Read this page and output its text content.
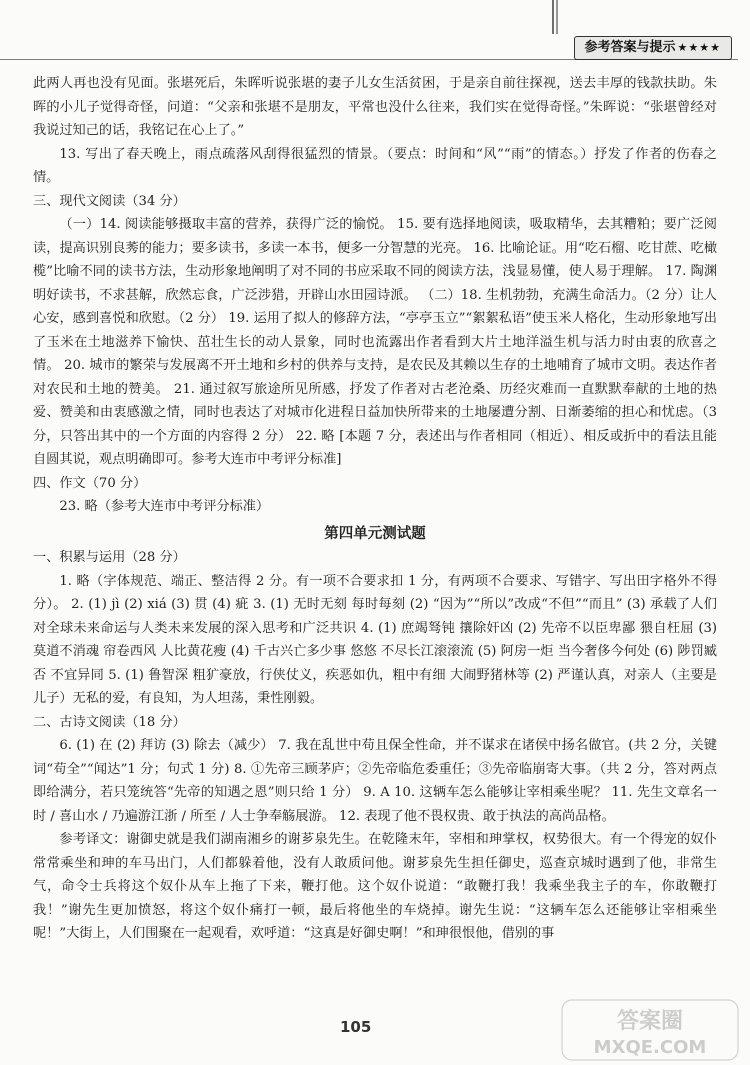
参考答案与提示 ★★★★

此两人再也没有见面。张堪死后，朱晖听说张堪的妻子儿女生活贫困，于是亲自前往探视，送去丰厚的钱款扶助。朱晖的小儿子觉得奇怪，问道：“父亲和张堪不是朋友，平常也没什么往来，我们实在觉得奇怪。”朱晖说：“张堪曾经对我说过知己的话，我铭记在心上了。”

13. 写出了春天晚上，雨点疏落风刮得很猛烈的情景。（要点：时间和“风”“雨”的情态。）抒发了作者的伤春之情。

三、现代文阅读（34 分）

（一）14. 阅读能够摄取丰富的营养，获得广泛的愉悦。 15. 要有选择地阅读，吸取精华，去其糟粕；要广泛阅读，提高识别良莠的能力；要多读书，多读一本书，便多一分智慧的光亮。 16. 比喻论证。用“吃石榴、吃甘蔗、吃橄榄”比喻不同的读书方法，生动形象地阐明了对不同的书应采取不同的阅读方法，浅显易懂，使人易于理解。 17. 陶渊明好读书，不求甚解，欣然忘食，广泛涉猎，开辟山水田园诗派。 （二）18. 生机勃勃，充满生命活力。（2 分）让人心安，感到喜悦和欣慰。（2 分） 19. 运用了拟人的修辞方法，“亭亭玉立”“絮絮私语”使玉米人格化，生动形象地写出了玉米在土地滋养下愉快、茁壮生长的动人景象，同时也流露出作者看到大片土地洋溢生机与活力时由衷的欣喜之情。 20. 城市的繁荣与发展离不开土地和乡村的供养与支持，是农民及其赖以生存的土地哺育了城市文明。表达作者对农民和土地的赞美。 21. 通过叙写旅途所见所感，抒发了作者对古老沧桑、历经灾难而一直默默奉献的土地的热爱、赞美和由衷感激之情，同时也表达了对城市化进程日益加快所带来的土地屡遭分割、日渐萎缩的担心和忧虑。（3 分，只答出其中的一个方面的内容得 2 分） 22. 略 [本题 7 分，表述出与作者相同（相近）、相反或折中的看法且能自圆其说，观点明确即可。参考大连市中考评分标准]

四、作文（70 分）

23. 略（参考大连市中考评分标准）

第四单元测试题

一、积累与运用（28 分）

1. 略（字体规范、端正、整洁得 2 分。有一项不合要求扣 1 分，有两项不合要求、写错字、写出田字格外不得分）。 2. (1) jì (2) xiá (3) 贯 (4) 疵 3. (1) 无时无刻 每时每刻 (2) “因为”“所以”改成“不但”“而且” (3) 承载了人们对全球未来命运与人类未来发展的深入思考和广泛共识 4. (1) 庶竭驽钝 攘除奸凶 (2) 先帝不以臣卑鄙 猥自枉屈 (3) 莫道不消魂 帘卷西风 人比黄花瘦 (4) 千古兴亡多少事 悠悠 不尽长江滚滚流 (5) 阿房一炬 当今奢侈今何处 (6) 陟罚臧否 不宜异同 5. (1) 鲁智深 粗犷豪放，行侠仗义，疾恶如仇，粗中有细 大闹野猪林等 (2) 严谨认真，对亲人（主要是儿子）无私的爱，有良知，为人坦荡，秉性刚毅。

二、古诗文阅读（18 分）

6. (1) 在 (2) 拜访 (3) 除去（减少） 7. 我在乱世中苟且保全性命，并不谋求在诸侯中扬名做官。(共 2 分，关键词“苟全”“闻达”1 分；句式 1 分) 8. ①先帝三顾茅庐；②先帝临危委重任；③先帝临崩寄大事。（共 2 分，答对两点即给满分，若只笼统答“先帝的知遇之恩”则只给 1 分） 9. A 10. 这辆车怎么能够让宰相乘坐呢？ 11. 先生文章名一时 / 喜山水 / 乃遍游江浙 / 所至 / 人士争奉觞展游。 12. 表现了他不畏权贵、敢于执法的高尚品格。

参考译文：谢御史就是我们湖南湘乡的谢芗泉先生。在乾隆末年，宰相和珅掌权，权势很大。有一个得宠的奴仆常常乘坐和珅的车马出门，人们都躲着他，没有人敢质问他。谢芗泉先生担任御史，巡查京城时遇到了他，非常生气，命令士兵将这个奴仆从车上拖了下来，鞭打他。这个奴仆说道：“敢鞭打我！我乘坐我主子的车，你敢鞭打我！”谢先生更加愤怒，将这个奴仆痛打一顿，最后将他坐的车烧掉。谢先生说：“这辆车怎么还能够让宰相乘坐呢！”大街上，人们围聚在一起观看，欢呼道：“这真是好御史啊！”和珅很恨他，借别的事

105	答案圈
MXQE.COM
